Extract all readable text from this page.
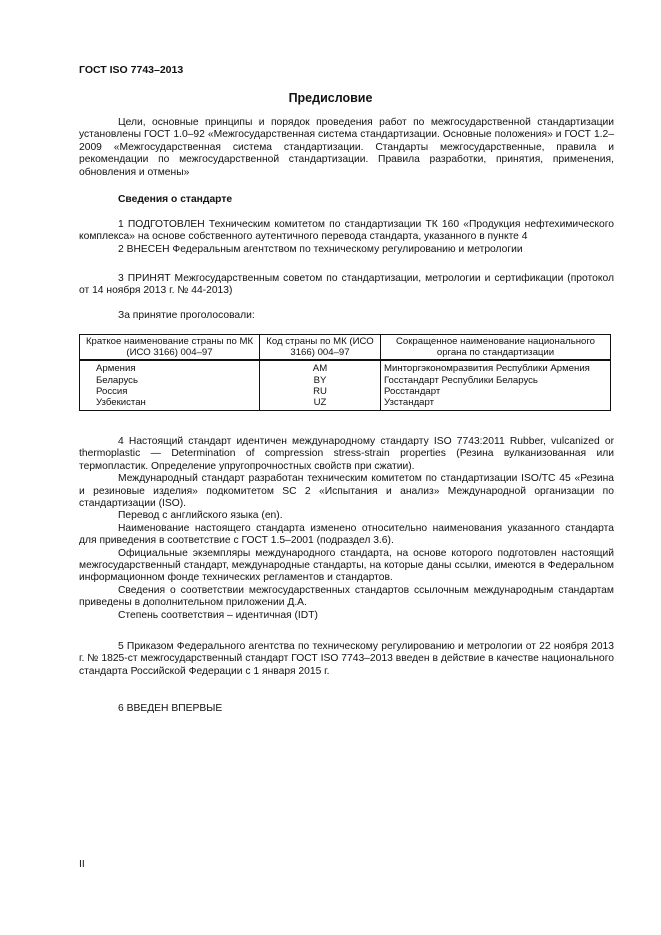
ГОСТ ISO 7743–2013
Предисловие

Цели, основные принципы и порядок проведения работ по межгосударственной стандартизации установлены ГОСТ 1.0–92 «Межгосударственная система стандартизации. Основные положения» и ГОСТ 1.2–2009 «Межгосударственная система стандартизации. Стандарты межгосударственные, правила и рекомендации по межгосударственной стандартизации. Правила разработки, принятия, применения, обновления и отмены»

Сведения о стандарте

1 ПОДГОТОВЛЕН Техническим комитетом по стандартизации ТК 160 «Продукция нефтехимического комплекса» на основе собственного аутентичного перевода стандарта, указанного в пункте 4

2 ВНЕСЕН Федеральным агентством по техническому регулированию и метрологии

3 ПРИНЯТ Межгосударственным советом по стандартизации, метрологии и сертификации (протокол от 14 ноября 2013 г. № 44-2013)

За принятие проголосовали:

Краткое наименование страны по МК (ИСО 3166) 004–97	Код страны по МК (ИСО 3166) 004–97	Сокращенное наименование национального органа по стандартизации
Армения	AM	Минторгэкономразвития Республики Армения
Беларусь	BY	Госстандарт Республики Беларусь
Россия	RU	Росстандарт
Узбекистан	UZ	Узстандарт

4 Настоящий стандарт идентичен международному стандарту ISO 7743:2011 Rubber, vulcanized or thermoplastic — Determination of compression stress-strain properties (Резина вулканизованная или термопластик. Определение упругопрочностных свойств при сжатии).

Международный стандарт разработан техническим комитетом по стандартизации ISO/TC 45 «Резина и резиновые изделия» подкомитетом SC 2 «Испытания и анализ» Международной организации по стандартизации (ISO).

Перевод с английского языка (en).

Наименование настоящего стандарта изменено относительно наименования указанного стандарта для приведения в соответствие с ГОСТ 1.5–2001 (подраздел 3.6).

Официальные экземпляры международного стандарта, на основе которого подготовлен настоящий межгосударственный стандарт, международные стандарты, на которые даны ссылки, имеются в Федеральном информационном фонде технических регламентов и стандартов.

Сведения о соответствии межгосударственных стандартов ссылочным международным стандартам приведены в дополнительном приложении Д.А.

Степень соответствия – идентичная (IDT)

5 Приказом Федерального агентства по техническому регулированию и метрологии от 22 ноября 2013 г. № 1825-ст межгосударственный стандарт ГОСТ ISO 7743–2013 введен в действие в качестве национального стандарта Российской Федерации с 1 января 2015 г.

6 ВВЕДЕН ВПЕРВЫЕ

II
